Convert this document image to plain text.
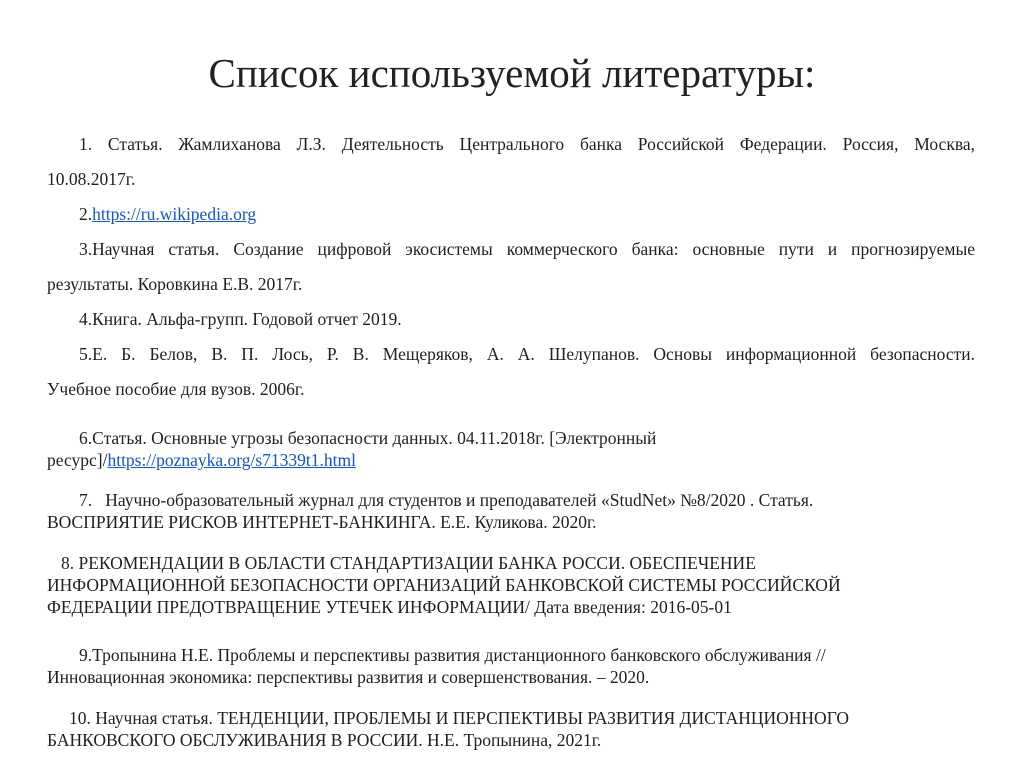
Список используемой литературы:
1. Статья. Жамлиханова Л.З. Деятельность Центрального банка Российской Федерации. Россия, Москва,
10.08.2017г.
2.https://ru.wikipedia.org
3.Научная статья. Создание цифровой экосистемы коммерческого банка: основные пути и прогнозируемые
результаты. Коровкина Е.В. 2017г.
4.Книга. Альфа-групп. Годовой отчет 2019.
5.Е. Б. Белов, В. П. Лось, Р. В. Мещеряков, А. А. Шелупанов. Основы информационной безопасности.
Учебное пособие для вузов. 2006г.
6.Статья. Основные угрозы безопасности данных. 04.11.2018г. [Электронный
ресурс]/https://poznayka.org/s71339t1.html
7.   Научно-образовательный журнал для студентов и преподавателей «StudNet» №8/2020 . Статья.
ВОСПРИЯТИЕ РИСКОВ ИНТЕРНЕТ-БАНКИНГА. Е.Е. Куликова. 2020г.
8. РЕКОМЕНДАЦИИ В ОБЛАСТИ СТАНДАРТИЗАЦИИ БАНКА РОССИ. ОБЕСПЕЧЕНИЕ
ИНФОРМАЦИОННОЙ БЕЗОПАСНОСТИ ОРГАНИЗАЦИЙ БАНКОВСКОЙ СИСТЕМЫ РОССИЙСКОЙ
ФЕДЕРАЦИИ ПРЕДОТВРАЩЕНИЕ УТЕЧЕК ИНФОРМАЦИИ/ Дата введения: 2016-05-01
9.Тропынина Н.Е. Проблемы и перспективы развития дистанционного банковского обслуживания //
Инновационная экономика: перспективы развития и совершенствования. – 2020.
10. Научная статья. ТЕНДЕНЦИИ, ПРОБЛЕМЫ И ПЕРСПЕКТИВЫ РАЗВИТИЯ ДИСТАНЦИОННОГО
БАНКОВСКОГО ОБСЛУЖИВАНИЯ В РОССИИ. Н.Е. Тропынина, 2021г.
